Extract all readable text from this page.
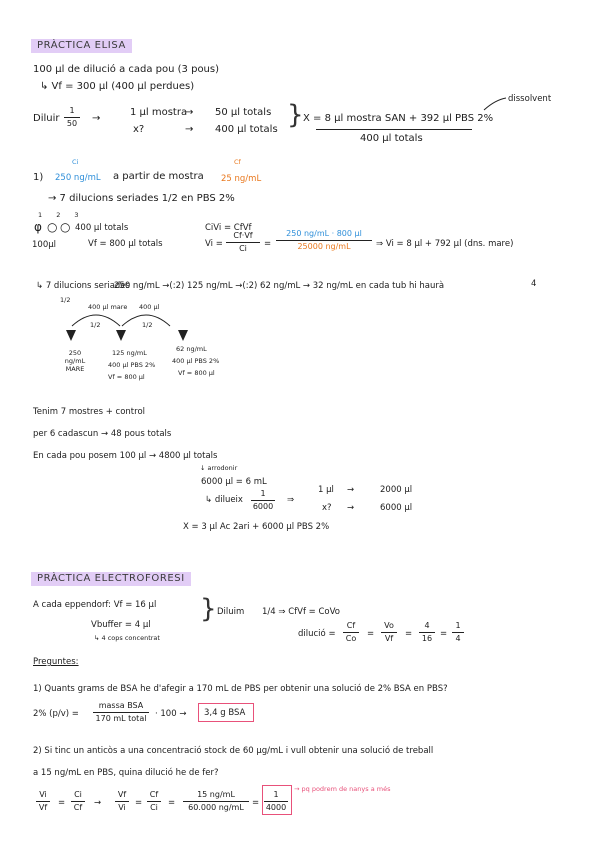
PRÀCTICA ELISA
100 µl de dilució a cada pou (3 pous)
↳ Vf = 300 µl (400 µl perdues)
Diluir
1
50 →
1 µl mostra
→ 50 µl totals
x?	→ 400 µl totals } X = 8 µl mostra SAN + 392 µl PBS 2%
400 µl totals
dissolvent
1)
Ci
250 ng/mL a partir de mostra
Cf
25 ng/mL
→ 7 dilucions seriades 1/2 en PBS 2%
1 2 3
φ ○ ○ 400 µl totals
100µl	Vf = 800 µl totals
CiVi = CfVf
Vi =
Cf·Vf
Ci	=
250 ng/mL · 800 µl
25000 ng/mL	⇒ Vi = 8 µl + 792 µl (dns. mare)
↳ 7 dilucions seriades
1/2
250 ng/mL →(:2) 125 ng/mL →(:2) 62 ng/mL → 32 ng/mL en cada tub hi haurà	4
400 µl mare 400 µl
1/2	1/2
250 ng/mL MARE
125 ng/mL
400 µl PBS 2%
Vf = 800 µl
62 ng/mL
400 µl PBS 2%
Vf = 800 µl
Tenim 7 mostres + control
per 6 cadascun → 48 pous totals
En cada pou posem 100 µl → 4800 µl totals
↓ arrodonir
6000 µl = 6 mL
↳ dilueix
1
6000
⇒
1 µl →	2000 µl
x? →	6000 µl
X = 3 µl Ac 2ari + 6000 µl PBS 2%
PRÀCTICA ELECTROFORESI
A cada eppendorf: Vf = 16 µl
Vbuffer = 4 µl
↳ 4 cops concentrat
} Diluim 1/4 ⇒ CfVf = CoVo
dilució =
Cf
Co	=
Vo
Vf	=
4
16 =
1
4
Preguntes:
1) Quants grams de BSA he d'afegir a 170 mL de PBS per obtenir una solució de 2% BSA en PBS?
2% (p/v) =
massa BSA
170 mL total · 100 → 3,4 g BSA
2) Si tinc un anticòs a una concentració stock de 60 µg/mL i vull obtenir una solució de treball
a 15 ng/mL en PBS, quina dilució he de fer?
Vi
Vf	=
Ci
Cf	→
Vf
Vi	=
Cf
Ci	=
15 ng/mL
60.000 ng/mL =
1
4000
→ pq podrem de nanys a més
